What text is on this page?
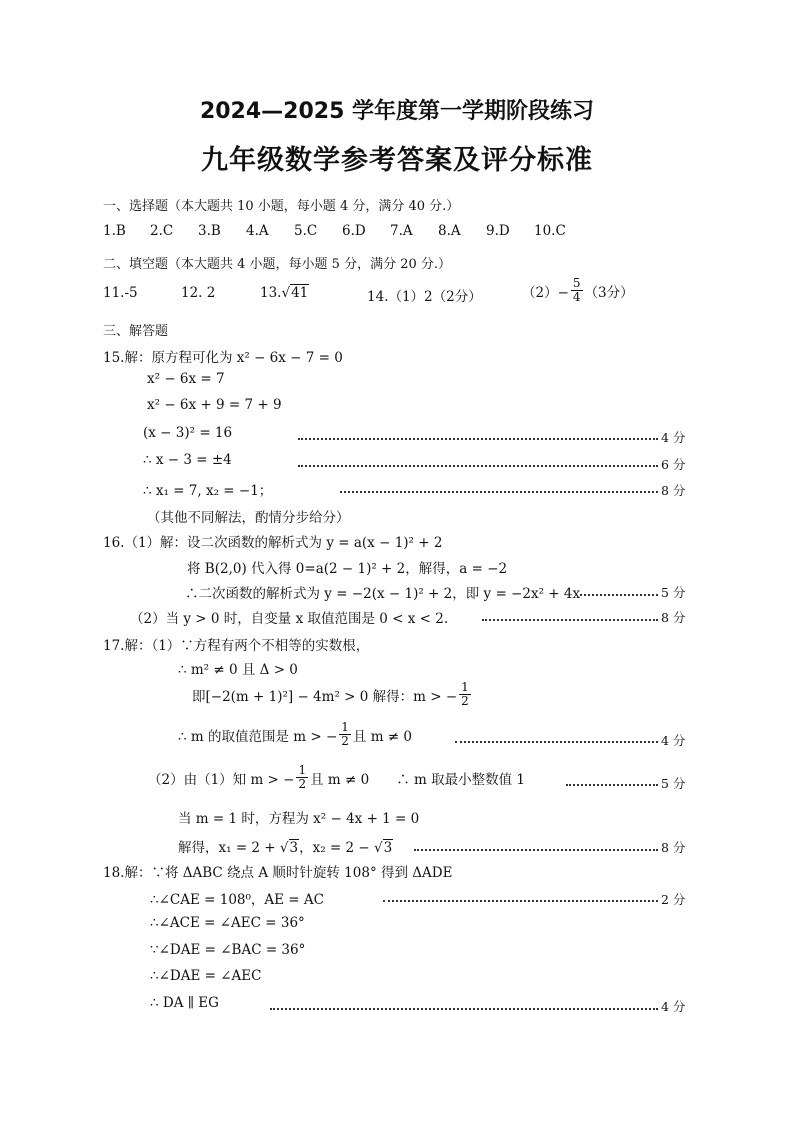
2024—2025 学年度第一学期阶段练习
九年级数学参考答案及评分标准
一、选择题（本大题共 10 小题，每小题 4 分，满分 40 分.）
1.B 2.C 3.B 4.A 5.C 6.D 7.A 8.A 9.D 10.C
二、填空题（本大题共 4 小题，每小题 5 分，满分 20 分.）
11.-5	12. 2	13.√41	14.（1）2（2分）	$(2)- \frac{5}{4} (3$分）
三、解答题
15.解：原方程可化为 x² − 6x − 7 = 0
x² − 6x = 7
x² − 6x + 9 = 7 + 9
(x − 3)² = 16	4 分
∴ x − 3 = ±4	6 分
∴ x₁ = 7, x₂ = −1；	8 分
（其他不同解法，酌情分步给分）
16.（1）解：设二次函数的解析式为 y = a(x − 1)² + 2
将 B(2,0) 代入得 0=a(2 − 1)² + 2，解得，a = −2
∴二次函数的解析式为 y = −2(x − 1)² + 2，即 y = −2x² + 4x	5 分
（2）当 y > 0 时，自变量 x 取值范围是 0 < x < 2.	8 分
17.解：（1）∵方程有两个不相等的实数根，
∴ m² ≠ 0 且 Δ > 0
即[−2(m + 1)²] − 4m² > 0 解得：m > − $\frac{1}{2}$
∴ m 的取值范围是 m > − $\frac{1}{2}$ 且 m ≠ 0	4 分
（2）由（1）知 m > − $\frac{1}{2}$ 且 m ≠ 0　　∴ m 取最小整数值 1	5 分
当 m = 1 时，方程为 x² − 4x + 1 = 0
解得，x₁ = 2 + √3，x₂ = 2 − √3	8 分
18.解：∵将 ΔABC 绕点 A 顺时针旋转 108° 得到 ΔADE
∴∠CAE = 108⁰，AE = AC	2 分
∴∠ACE = ∠AEC = 36°
∵∠DAE = ∠BAC = 36°
∴∠DAE = ∠AEC
∴ DA ∥ EG	4 分
